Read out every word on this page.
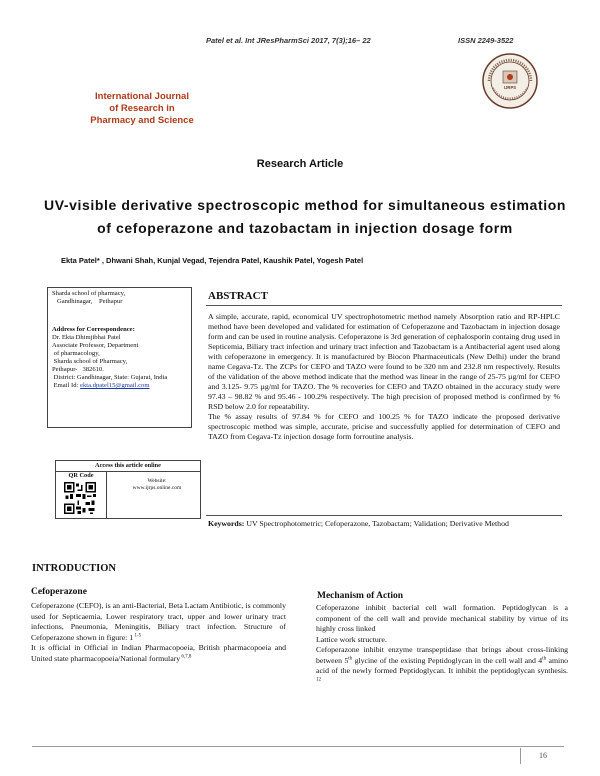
Patel et al. Int JResPharmSci 2017, 7(3);16– 22	ISSN 2249-3522
International Journal
of Research in
Pharmacy and Science
IJRPS
Research Article
UV-visible derivative spectroscopic method for simultaneous estimation
of cefoperazone and tazobactam in injection dosage form
Ekta Patel* , Dhwani Shah, Kunjal Vegad, Tejendra Patel, Kaushik Patel, Yogesh Patel
Sharda school of pharmacy,
Gandhinagar,    Pethapur
Address for Correspondence:
Dr. Ekta Dhimjibhai Patel
Associate Professor, Department
of pharmacology,
Sharda school of Pharmacy,
Pethapur-   382610.
District: Gandhinagar, State: Gujarat, India
Email Id: ekta.dpatel15@gmail.com
Access this article online
QR Code
Website:
www.ijrps.online.com
ABSTRACT

A simple, accurate, rapid, economical UV spectrophotometric method namely Absorption ratio and RP-HPLC method have been developed and validated for estimation of Cefoperazone and Tazobactam in injection dosage form and can be used in routine analysis. Cefoperazone is 3rd generation of cephalosporin containg drug used in Septicemia, Biliary tract infection and urinary tract infection and Tazobactam is a Antibacterial agent used along with cefoperazone in emergency. It is manufactured by Biocon Pharmaceuticals (New Delhi) under the brand name Cegava-Tz. The ZCPs for CEFO and TAZO were found to be 320 nm and 232.8 nm respectively. Results of the validation of the above method indicate that the method was linear in the range of 25-75 µg/ml for CEFO and 3.125- 9.75 µg/ml for TAZO. The % recoveries for CEFO and TAZO obtained in the accuracy study were 97.43 – 98.82 % and 95.46 - 100.2% respectively. The high precision of proposed method is confirmed by % RSD below 2.0 for repeatability.

The % assay results of 97.84 % for CEFO and 100.25 % for TAZO indicate the proposed derivative spectroscopic method was simple, accurate, pricise and successfully applied for determination of CEFO and TAZO from Cegava-Tz injection dosage form forroutine analysis.

Keywords: UV Spectrophotometric; Cefoperazone, Tazobactam; Validation; Derivative Method
INTRODUCTION
Cefoperazone

Cefoperazone (CEFO), is an anti-Bacterial, Beta Lactam Antibiotic, is commonly used for Septicaemia, Lower respiratory tract, upper and lower urinary tract infections, Pneumonia, Meningitis, Biliary tract infection. Structure of Cefoperazone shown in figure: 1 $^{1-5}$

It is official in Official in Indian Pharmacopoeia, British pharmacopoeia and United state pharmacopoeia/National formulary $^{6,7,8}$

Mechanism of Action

Cefoperazone inhibit bacterial cell wall formation. Peptidoglycan is a component of the cell wall and provide mechanical stability by virtue of its highly cross linked

Lattice work structure.

Cefoperazone inhibit enzyme transpeptidase that brings about cross-linking between 5th glycine of the existing Peptidoglycan in the cell wall and 4th amino acid of the newly formed Peptidoglycan. It inhibit the peptidoglycan synthesis. $^{12}$

16
